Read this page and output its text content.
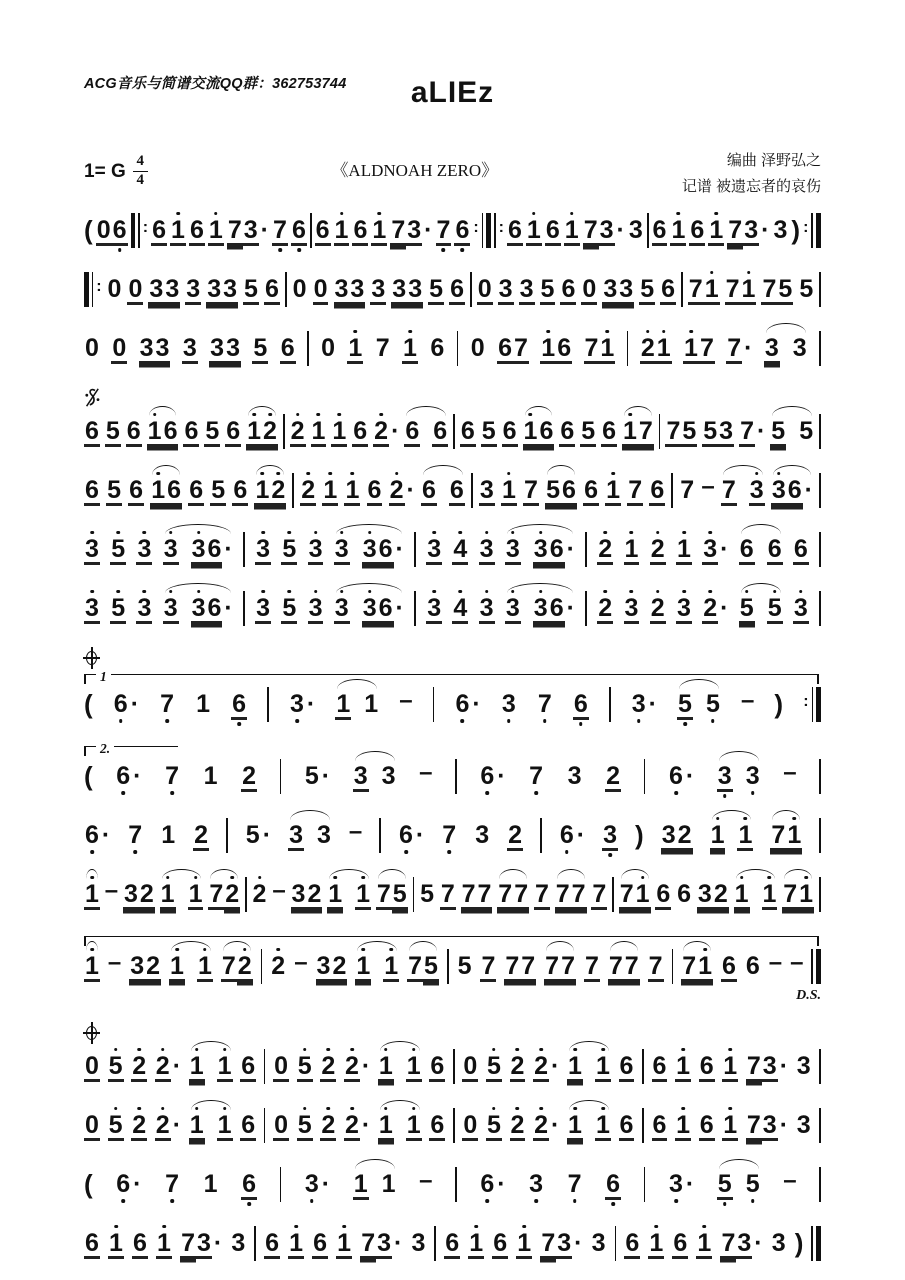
ACG音乐与简谱交流QQ群：362753744	aLIEz
1= G $\frac{4}{4}$	《ALDNOAH ZERO》
编曲 泽野弘之
记谱 被遗忘者的哀伤
( 0 6 : 6 1 6 1 7 3 · 7 6 6 1 6 1 7 3 · 7 6 : : 6 1 6 1 7 3 · 3 6 1 6 1 7 3 · 3 ) :
: 0 0 3 3 3 3 3 5 6 0 0 3 3 3 3 3 5 6 0 3 3 5 6 0 3 3 5 6 7 1 7 1 7 5 5
0 0 3 3 3 3 3 5 6 0 1 7 1 6 0 6 7 1 6 7 1 2 1 1 7 7 · 3 3
6 5 6 1 6 6 5 6 1 2 2 1 1 6 2 · 6 6 6 5 6 1 6 6 5 6 1 7 7 5 5 3 7 · 5 5
6 5 6 1 6 6 5 6 1 2 2 1 1 6 2 · 6 6 3 1 7 5 6 6 1 7 6 7 – 7 3 3 6 ·
3 5 3 3 3 6 · 3 5 3 3 3 6 · 3 4 3 3 3 6 · 2 1 2 1 3 · 6 6 6
3 5 3 3 3 6 · 3 5 3 3 3 6 · 3 4 3 3 3 6 · 2 3 2 3 2 · 5 5 3
1
( 6 · 7 1 6 3 · 1 1 – 6 · 3 7 6 3 · 5 5 – ) :
2.
( 6 · 7 1 2 5 · 3 3 – 6 · 7 3 2 6 · 3 3 –
6 · 7 1 2 5 · 3 3 – 6 · 7 3 2 6 · 3 ) 3 2 1 1 7 1
1 – 3 2 1 1 7 2 2 – 3 2 1 1 7 5 5 7 7 7 7 7 7 7 7 7 7 1 6 6 3 2 1 1 7 1
1 – 3 2 1 1 7 2 2 – 3 2 1 1 7 5 5 7 7 7 7 7 7 7 7 7 7 1 6 6 – –
D.S.
0 5 2 2 · 1 1 6 0 5 2 2 · 1 1 6 0 5 2 2 · 1 1 6 6 1 6 1 7 3 · 3
0 5 2 2 · 1 1 6 0 5 2 2 · 1 1 6 0 5 2 2 · 1 1 6 6 1 6 1 7 3 · 3
( 6 · 7 1 6 3 · 1 1 – 6 · 3 7 6 3 · 5 5 –
6 1 6 1 7 3 · 3 6 1 6 1 7 3 · 3 6 1 6 1 7 3 · 3 6 1 6 1 7 3 · 3 )
